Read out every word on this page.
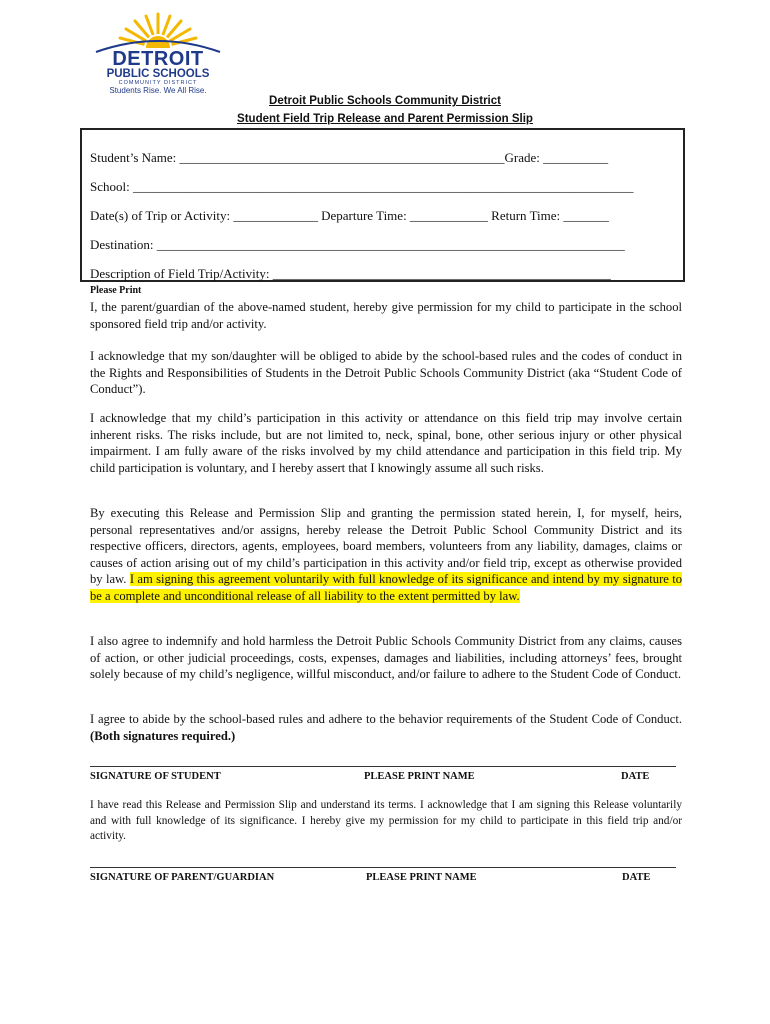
DETROIT
PUBLIC SCHOOLS
COMMUNITY DISTRICT
Students Rise. We All Rise.
Detroit Public Schools Community District
Student Field Trip Release and Parent Permission Slip
Student’s Name: __________________________________________________Grade: __________
School: _____________________________________________________________________________
Date(s) of Trip or Activity: _____________ Departure Time: ____________ Return Time: _______
Destination: ________________________________________________________________________
Description of Field Trip/Activity: ____________________________________________________
Please Print
I, the parent/guardian of the above-named student, hereby give permission for my child to participate in the school sponsored field trip and/or activity.
I acknowledge that my son/daughter will be obliged to abide by the school-based rules and the codes of conduct in the Rights and Responsibilities of Students in the Detroit Public Schools Community District (aka “Student Code of Conduct”).
I acknowledge that my child’s participation in this activity or attendance on this field trip may involve certain inherent risks. The risks include, but are not limited to, neck, spinal, bone, other serious injury or other physical impairment. I am fully aware of the risks involved by my child attendance and participation in this field trip. My child participation is voluntary, and I hereby assert that I knowingly assume all such risks.
By executing this Release and Permission Slip and granting the permission stated herein, I, for myself, heirs, personal representatives and/or assigns, hereby release the Detroit Public School Community District and its respective officers, directors, agents, employees, board members, volunteers from any liability, damages, claims or causes of action arising out of my child’s participation in this activity and/or field trip, except as otherwise provided by law. I am signing this agreement voluntarily with full knowledge of its significance and intend by my signature to be a complete and unconditional release of all liability to the extent permitted by law.
I also agree to indemnify and hold harmless the Detroit Public Schools Community District from any claims, causes of action, or other judicial proceedings, costs, expenses, damages and liabilities, including attorneys’ fees, brought solely because of my child’s negligence, willful misconduct, and/or failure to adhere to the Student Code of Conduct.
I agree to abide by the school-based rules and adhere to the behavior requirements of the Student Code of Conduct. (Both signatures required.)
SIGNATURE OF STUDENT	PLEASE PRINT NAME	DATE
I have read this Release and Permission Slip and understand its terms. I acknowledge that I am signing this Release voluntarily and with full knowledge of its significance. I hereby give my permission for my child to participate in this field trip and/or activity.
SIGNATURE OF PARENT/GUARDIAN	PLEASE PRINT NAME	DATE
